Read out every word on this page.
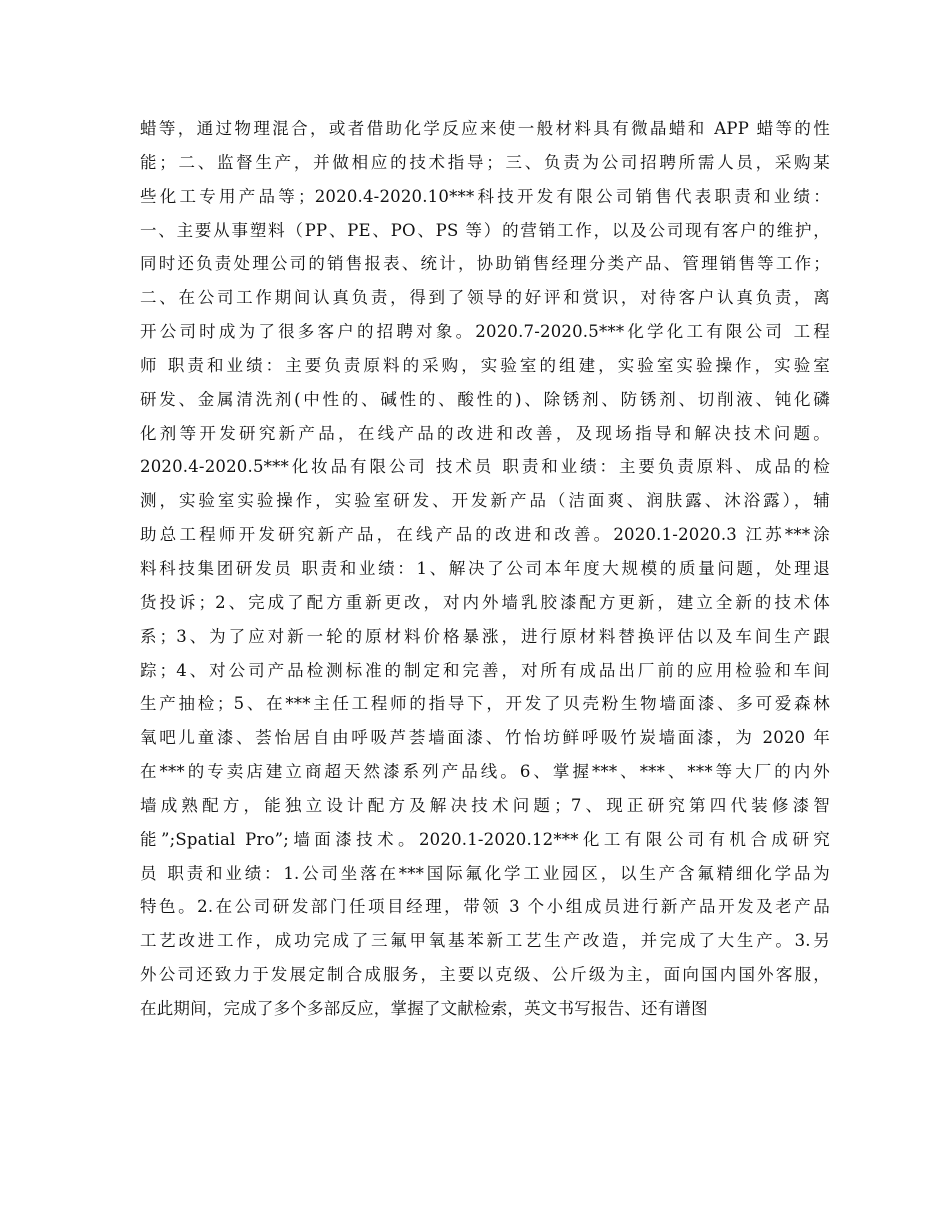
蜡等，通过物理混合，或者借助化学反应来使一般材料具有微晶蜡和 APP 蜡等的性
能；二、监督生产，并做相应的技术指导；三、负责为公司招聘所需人员，采购某
些化工专用产品等；2020.4-2020.10***科技开发有限公司销售代表职责和业绩：
一、主要从事塑料（PP、PE、PO、PS 等）的营销工作，以及公司现有客户的维护，
同时还负责处理公司的销售报表、统计，协助销售经理分类产品、管理销售等工作；
二、在公司工作期间认真负责，得到了领导的好评和赏识，对待客户认真负责，离
开公司时成为了很多客户的招聘对象。2020.7-2020.5***化学化工有限公司 工程
师 职责和业绩：主要负责原料的采购，实验室的组建，实验室实验操作，实验室
研发、金属清洗剂(中性的、碱性的、酸性的)、除锈剂、防锈剂、切削液、钝化磷
化剂等开发研究新产品，在线产品的改进和改善，及现场指导和解决技术问题。
2020.4-2020.5***化妆品有限公司 技术员 职责和业绩：主要负责原料、成品的检
测，实验室实验操作，实验室研发、开发新产品（洁面爽、润肤露、沐浴露），辅
助总工程师开发研究新产品，在线产品的改进和改善。2020.1-2020.3 江苏***涂
料科技集团研发员 职责和业绩：1、解决了公司本年度大规模的质量问题，处理退
货投诉；2、完成了配方重新更改，对内外墙乳胶漆配方更新，建立全新的技术体
系；3、为了应对新一轮的原材料价格暴涨，进行原材料替换评估以及车间生产跟
踪；4、对公司产品检测标准的制定和完善，对所有成品出厂前的应用检验和车间
生产抽检；5、在***主任工程师的指导下，开发了贝壳粉生物墙面漆、多可爱森林
氧吧儿童漆、荟怡居自由呼吸芦荟墙面漆、竹怡坊鲜呼吸竹炭墙面漆，为 2020 年
在***的专卖店建立商超天然漆系列产品线。6、掌握***、***、***等大厂的内外
墙成熟配方，能独立设计配方及解决技术问题；7、现正研究第四代装修漆智
能”;Spatial Pro”;墙面漆技术。2020.1-2020.12***化工有限公司有机合成研究
员 职责和业绩：1.公司坐落在***国际氟化学工业园区，以生产含氟精细化学品为
特色。2.在公司研发部门任项目经理，带领 3 个小组成员进行新产品开发及老产品
工艺改进工作，成功完成了三氟甲氧基苯新工艺生产改造，并完成了大生产。3.另
外公司还致力于发展定制合成服务，主要以克级、公斤级为主，面向国内国外客服，
在此期间，完成了多个多部反应，掌握了文献检索，英文书写报告、还有谱图
